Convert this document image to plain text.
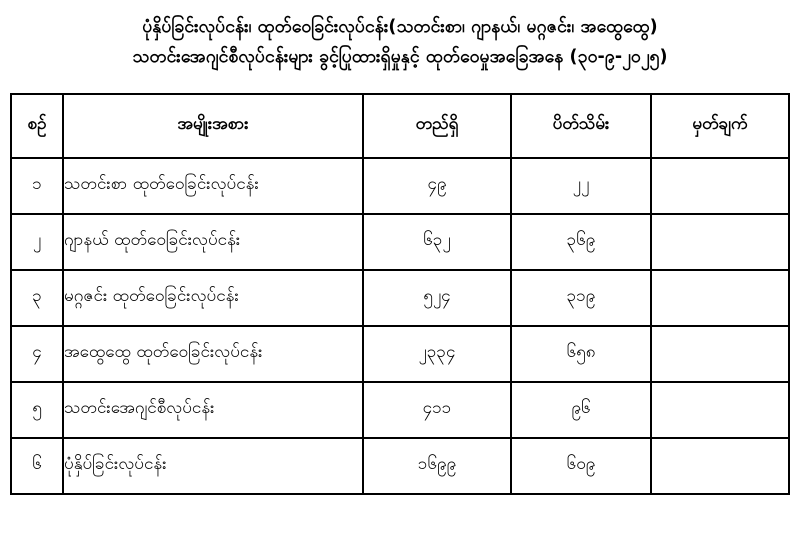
ပုံနှိပ်ခြင်းလုပ်ငန်း၊ ထုတ်ဝေခြင်းလုပ်ငန်း(သတင်းစာ၊ ဂျာနယ်၊ မဂ္ဂဇင်း၊ အထွေထွေ)
သတင်းအေဂျင်စီလုပ်ငန်းများ ခွင့်ပြုထားရှိမှုနှင့် ထုတ်ဝေမှုအခြေအနေ (၃၀-၉-၂၀၂၅)
စဉ်	အမျိုးအစား	တည်ရှိ	ပိတ်သိမ်း	မှတ်ချက်
၁	သတင်းစာ ထုတ်ဝေခြင်းလုပ်ငန်း	၄၉	၂၂	
၂	ဂျာနယ် ထုတ်ဝေခြင်းလုပ်ငန်း	၆၃၂	၃၆၉	
၃	မဂ္ဂဇင်း ထုတ်ဝေခြင်းလုပ်ငန်း	၅၂၄	၃၁၉	
၄	အထွေထွေ ထုတ်ဝေခြင်းလုပ်ငန်း	၂၃၃၄	၆၅၈	
၅	သတင်းအေဂျင်စီလုပ်ငန်း	၄၁၁	၉၆	
၆	ပုံနှိပ်ခြင်းလုပ်ငန်း	၁၆၉၉	၆၀၉	
